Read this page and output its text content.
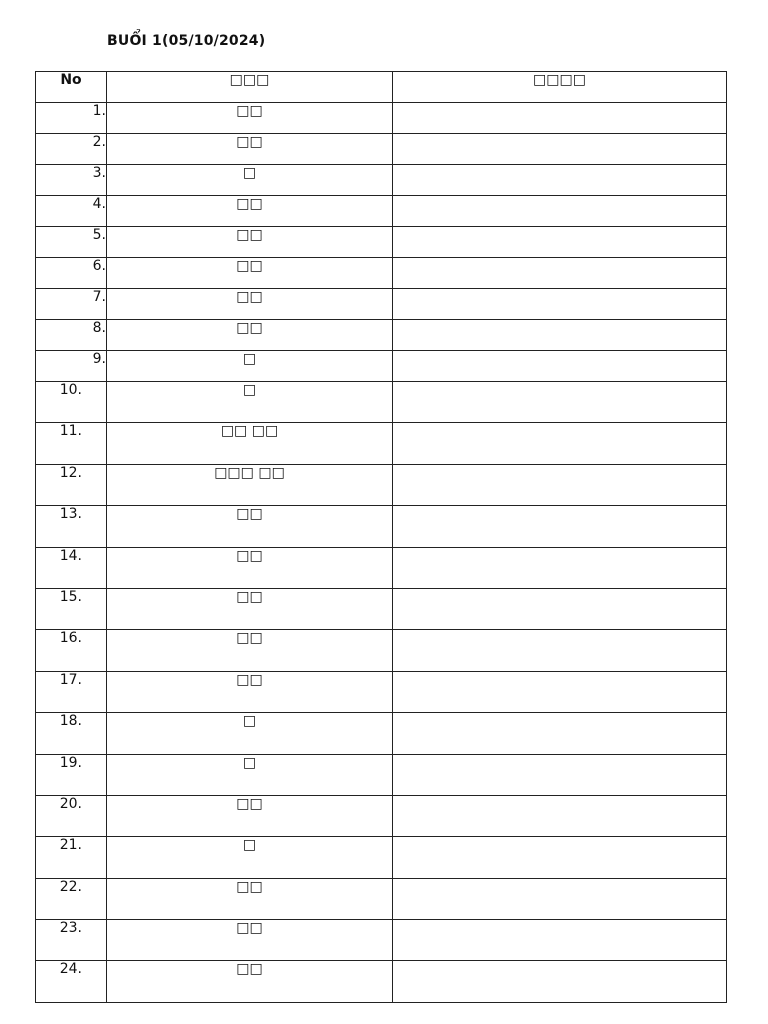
BUỔI 1(05/10/2024)
No	□□□	□□□□
1.	□□	
2.	□□	
3.	□	
4.	□□	
5.	□□	
6.	□□	
7.	□□	
8.	□□	
9.	□	
10.	□	
11.	□□ □□	
12.	□□□ □□	
13.	□□	
14.	□□	
15.	□□	
16.	□□	
17.	□□	
18.	□	
19.	□	
20.	□□	
21.	□	
22.	□□	
23.	□□	
24.	□□	
